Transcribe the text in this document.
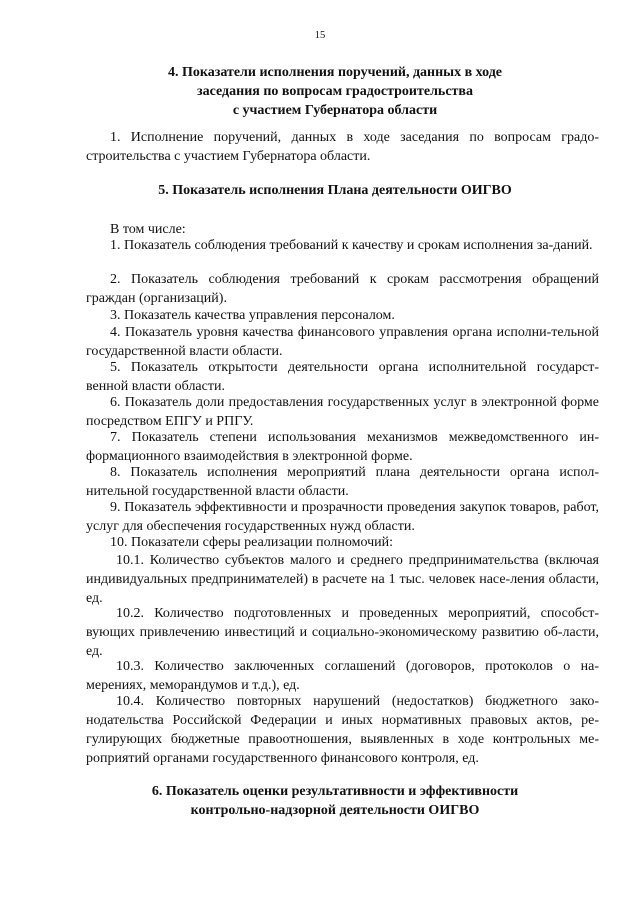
15
4. Показатели исполнения поручений, данных в ходе
заседания по вопросам градостроительства
с участием Губернатора области
1. Исполнение поручений, данных в ходе заседания по вопросам градо-строительства с участием Губернатора области.
5. Показатель исполнения Плана деятельности ОИГВО
В том числе:
1. Показатель соблюдения требований к качеству и срокам исполнения за-даний.
2. Показатель соблюдения требований к срокам рассмотрения обращений граждан (организаций).
3. Показатель качества управления персоналом.
4. Показатель уровня качества финансового управления органа исполни-тельной государственной власти области.
5. Показатель открытости деятельности органа исполнительной государст-венной власти области.
6. Показатель доли предоставления государственных услуг в электронной форме посредством ЕПГУ и РПГУ.
7. Показатель степени использования механизмов межведомственного ин-формационного взаимодействия в электронной форме.
8. Показатель исполнения мероприятий плана деятельности органа испол-нительной государственной власти области.
9. Показатель эффективности и прозрачности проведения закупок товаров, работ, услуг для обеспечения государственных нужд области.
10. Показатели сферы реализации полномочий:
10.1. Количество субъектов малого и среднего предпринимательства (включая индивидуальных предпринимателей) в расчете на 1 тыс. человек насе-ления области, ед.
10.2. Количество подготовленных и проведенных мероприятий, способст-вующих привлечению инвестиций и социально-экономическому развитию об-ласти, ед.
10.3. Количество заключенных соглашений (договоров, протоколов о на-мерениях, меморандумов и т.д.), ед.
10.4. Количество повторных нарушений (недостатков) бюджетного зако-нодательства Российской Федерации и иных нормативных правовых актов, ре-гулирующих бюджетные правоотношения, выявленных в ходе контрольных ме-роприятий органами государственного финансового контроля, ед.
6. Показатель оценки результативности и эффективности
контрольно-надзорной деятельности ОИГВО
